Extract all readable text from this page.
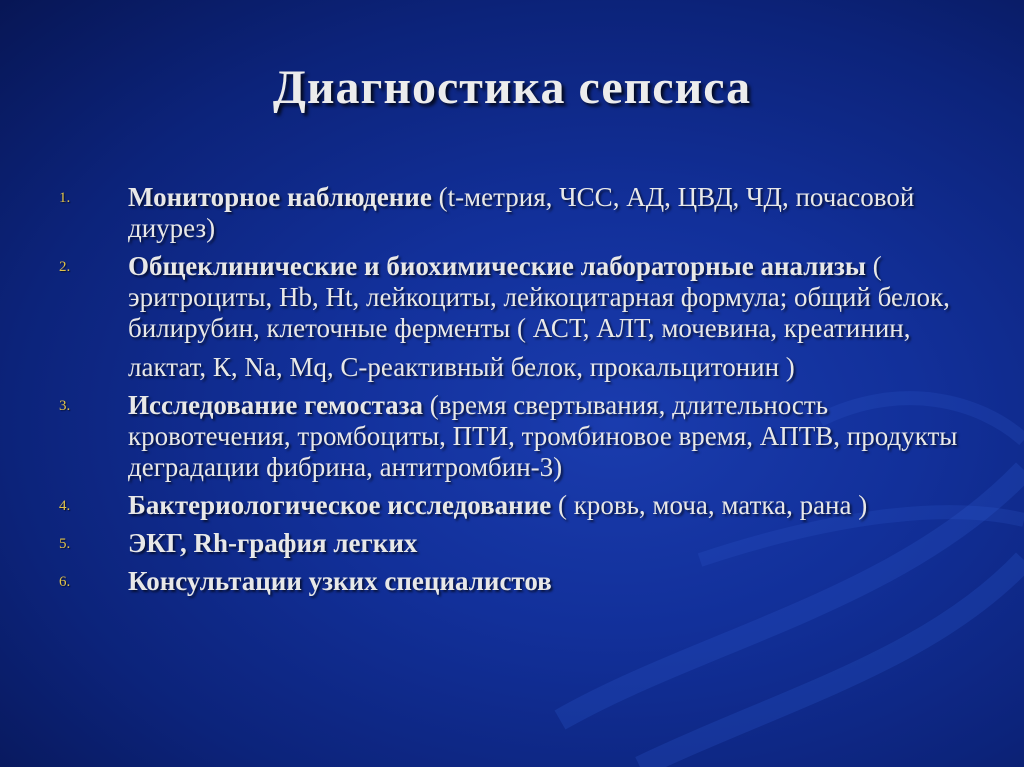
Диагностика сепсиса
1. Мониторное наблюдение (t-метрия, ЧСС, АД, ЦВД, ЧД, почасовой диурез)
2. Общеклинические и биохимические лабораторные анализы ( эритроциты, Hb, Ht, лейкоциты, лейкоцитарная формула; общий белок, билирубин, клеточные ферменты ( АСТ, АЛТ, мочевина, креатинин,
лактат, К, Na, Mq, С-реактивный белок, прокальцитонин )
3. Исследование гемостаза (время свертывания, длительность кровотечения, тромбоциты, ПТИ, тромбиновое время, АПТВ, продукты деградации фибрина, антитромбин-3)
4. Бактериологическое исследование ( кровь, моча, матка, рана )
5. ЭКГ, Rh-графия легких
6. Консультации узких специалистов
